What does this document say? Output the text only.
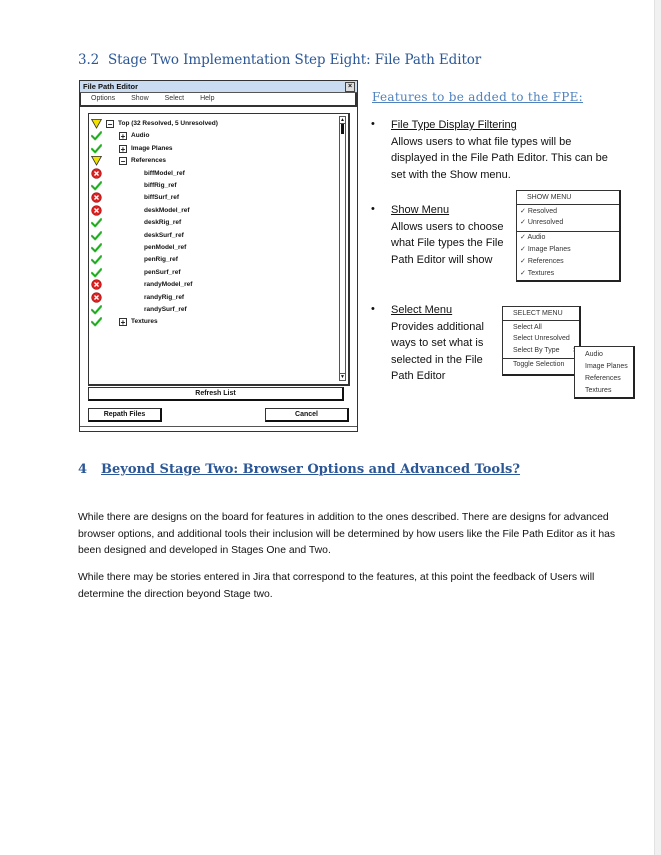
3.2 Stage Two Implementation Step Eight: File Path Editor
File Path Editor	×
Options Show Select Help
▲
▼
− Top (32 Resolved, 5 Unresolved)
+ Audio
+ Image Planes
− References
biffModel_ref
biffRig_ref
biffSurf_ref
deskModel_ref
deskRig_ref
deskSurf_ref
penModel_ref
penRig_ref
penSurf_ref
randyModel_ref
randyRig_ref
randySurf_ref
+ Textures
Refresh List
Repath Files	Cancel
Features to be added to the FPE:
• File Type Display Filtering
Allows users to what file types will be
displayed in the File Path Editor. This can be
set with the Show menu.
• Show Menu
Allows users to choose
what File types the File
Path Editor will show
SHOW MENU
✓ Resolved
✓ Unresolved
✓ Audio
✓ Image Planes
✓ References
✓ Textures
• Select Menu
Provides additional
ways to set what is
selected in the File
Path Editor
SELECT MENU
Select All
Select Unresolved
Select By Type
Toggle Selection
Audio
Image Planes
References
Textures
4 Beyond Stage Two: Browser Options and Advanced Tools?
While there are designs on the board for features in addition to the ones described. There are designs for advanced browser options, and additional tools their inclusion will be determined by how users like the File Path Editor as it has been designed and developed in Stages One and Two.
While there may be stories entered in Jira that correspond to the features, at this point the feedback of Users will determine the direction beyond Stage two.
